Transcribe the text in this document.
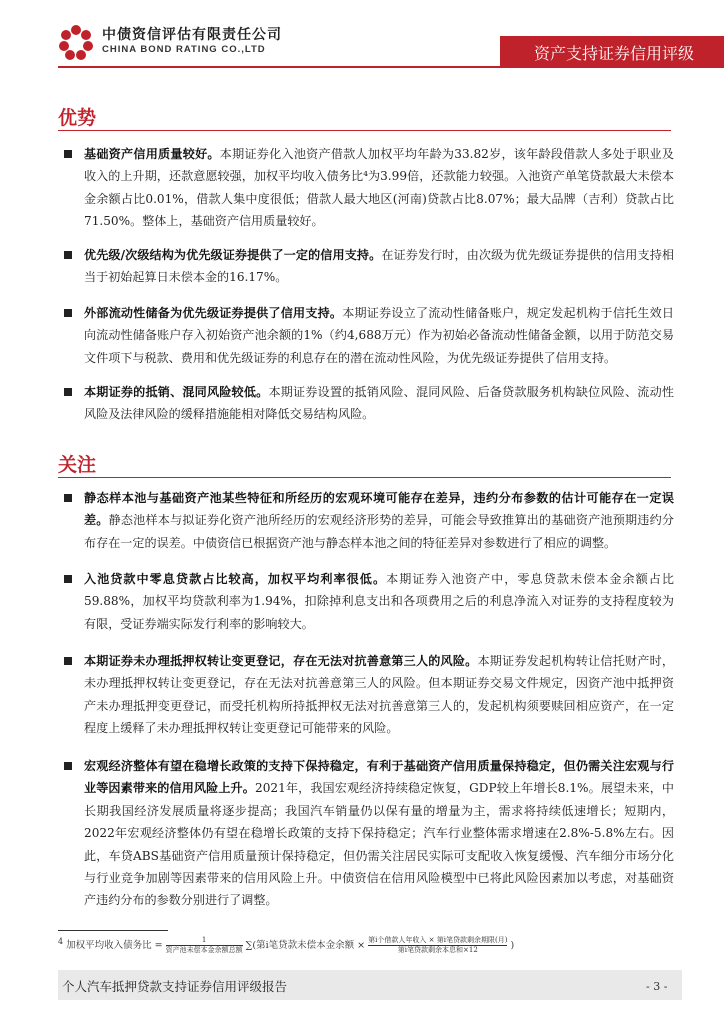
中债资信评估有限责任公司
CHINA BOND RATING CO.,LTD	资产支持证券信用评级
优势

基础资产信用质量较好。本期证券化入池资产借款人加权平均年龄为33.82岁，该年龄段借款人多处于职业及收入的上升期，还款意愿较强，加权平均收入债务比⁴为3.99倍，还款能力较强。入池资产单笔贷款最大未偿本金余额占比0.01%，借款人集中度很低；借款人最大地区(河南)贷款占比8.07%；最大品牌（吉利）贷款占比71.50%。整体上，基础资产信用质量较好。

优先级/次级结构为优先级证券提供了一定的信用支持。在证券发行时，由次级为优先级证券提供的信用支持相当于初始起算日未偿本金的16.17%。

外部流动性储备为优先级证券提供了信用支持。本期证券设立了流动性储备账户，规定发起机构于信托生效日向流动性储备账户存入初始资产池余额的1%（约4,688万元）作为初始必备流动性储备金额，以用于防范交易文件项下与税款、费用和优先级证券的利息存在的潜在流动性风险，为优先级证券提供了信用支持。

本期证券的抵销、混同风险较低。本期证券设置的抵销风险、混同风险、后备贷款服务机构缺位风险、流动性风险及法律风险的缓释措施能相对降低交易结构风险。

关注

静态样本池与基础资产池某些特征和所经历的宏观环境可能存在差异，违约分布参数的估计可能存在一定误差。静态池样本与拟证券化资产池所经历的宏观经济形势的差异，可能会导致推算出的基础资产池预期违约分布存在一定的误差。中债资信已根据资产池与静态样本池之间的特征差异对参数进行了相应的调整。

入池贷款中零息贷款占比较高，加权平均利率很低。本期证券入池资产中，零息贷款未偿本金余额占比59.88%，加权平均贷款利率为1.94%，扣除掉利息支出和各项费用之后的利息净流入对证券的支持程度较为有限，受证券端实际发行利率的影响较大。

本期证券未办理抵押权转让变更登记，存在无法对抗善意第三人的风险。本期证券发起机构转让信托财产时，未办理抵押权转让变更登记，存在无法对抗善意第三人的风险。但本期证券交易文件规定，因资产池中抵押资产未办理抵押变更登记，而受托机构所持抵押权无法对抗善意第三人的，发起机构须要赎回相应资产，在一定程度上缓释了未办理抵押权转让变更登记可能带来的风险。

宏观经济整体有望在稳增长政策的支持下保持稳定，有利于基础资产信用质量保持稳定，但仍需关注宏观与行业等因素带来的信用风险上升。2021年，我国宏观经济持续稳定恢复，GDP较上年增长8.1%。展望未来，中长期我国经济发展质量将逐步提高；我国汽车销量仍以保有量的增量为主，需求将持续低速增长；短期内，2022年宏观经济整体仍有望在稳增长政策的支持下保持稳定；汽车行业整体需求增速在2.8%-5.8%左右。因此，车贷ABS基础资产信用质量预计保持稳定，但仍需关注居民实际可支配收入恢复缓慢、汽车细分市场分化与行业竞争加剧等因素带来的信用风险上升。中债资信在信用风险模型中已将此风险因素加以考虑，对基础资产违约分布的参数分别进行了调整。

$^4$ 加权平均收入债务比 =	1
资产池未偿本金余额总额 ∑(第i笔贷款未偿本金余额 × 第i个借款人年收入 × 第i笔贷款剩余期限(月)
第i笔贷款剩余本息和×12	)
个人汽车抵押贷款支持证券信用评级报告	- 3 -
